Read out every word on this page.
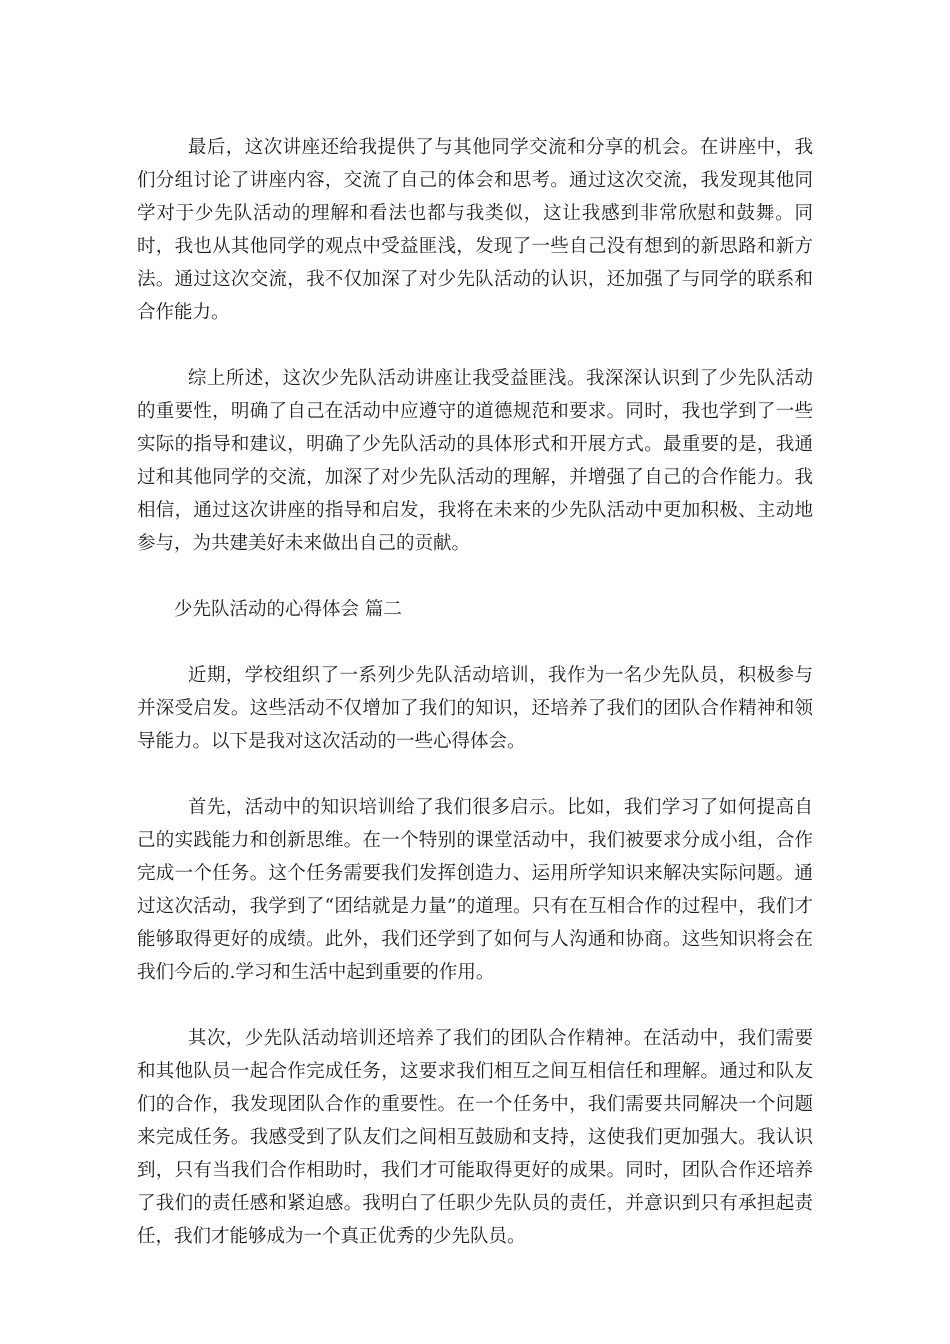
最后，这次讲座还给我提供了与其他同学交流和分享的机会。在讲座中，我们分组讨论了讲座内容，交流了自己的体会和思考。通过这次交流，我发现其他同学对于少先队活动的理解和看法也都与我类似，这让我感到非常欣慰和鼓舞。同时，我也从其他同学的观点中受益匪浅，发现了一些自己没有想到的新思路和新方法。通过这次交流，我不仅加深了对少先队活动的认识，还加强了与同学的联系和合作能力。

综上所述，这次少先队活动讲座让我受益匪浅。我深深认识到了少先队活动的重要性，明确了自己在活动中应遵守的道德规范和要求。同时，我也学到了一些实际的指导和建议，明确了少先队活动的具体形式和开展方式。最重要的是，我通过和其他同学的交流，加深了对少先队活动的理解，并增强了自己的合作能力。我相信，通过这次讲座的指导和启发，我将在未来的少先队活动中更加积极、主动地参与，为共建美好未来做出自己的贡献。

少先队活动的心得体会 篇二

近期，学校组织了一系列少先队活动培训，我作为一名少先队员，积极参与并深受启发。这些活动不仅增加了我们的知识，还培养了我们的团队合作精神和领导能力。以下是我对这次活动的一些心得体会。

首先，活动中的知识培训给了我们很多启示。比如，我们学习了如何提高自己的实践能力和创新思维。在一个特别的课堂活动中，我们被要求分成小组，合作完成一个任务。这个任务需要我们发挥创造力、运用所学知识来解决实际问题。通过这次活动，我学到了“团结就是力量”的道理。只有在互相合作的过程中，我们才能够取得更好的成绩。此外，我们还学到了如何与人沟通和协商。这些知识将会在我们今后的.学习和生活中起到重要的作用。

其次，少先队活动培训还培养了我们的团队合作精神。在活动中，我们需要和其他队员一起合作完成任务，这要求我们相互之间互相信任和理解。通过和队友们的合作，我发现团队合作的重要性。在一个任务中，我们需要共同解决一个问题来完成任务。我感受到了队友们之间相互鼓励和支持，这使我们更加强大。我认识到，只有当我们合作相助时，我们才可能取得更好的成果。同时，团队合作还培养了我们的责任感和紧迫感。我明白了任职少先队员的责任，并意识到只有承担起责任，我们才能够成为一个真正优秀的少先队员。
